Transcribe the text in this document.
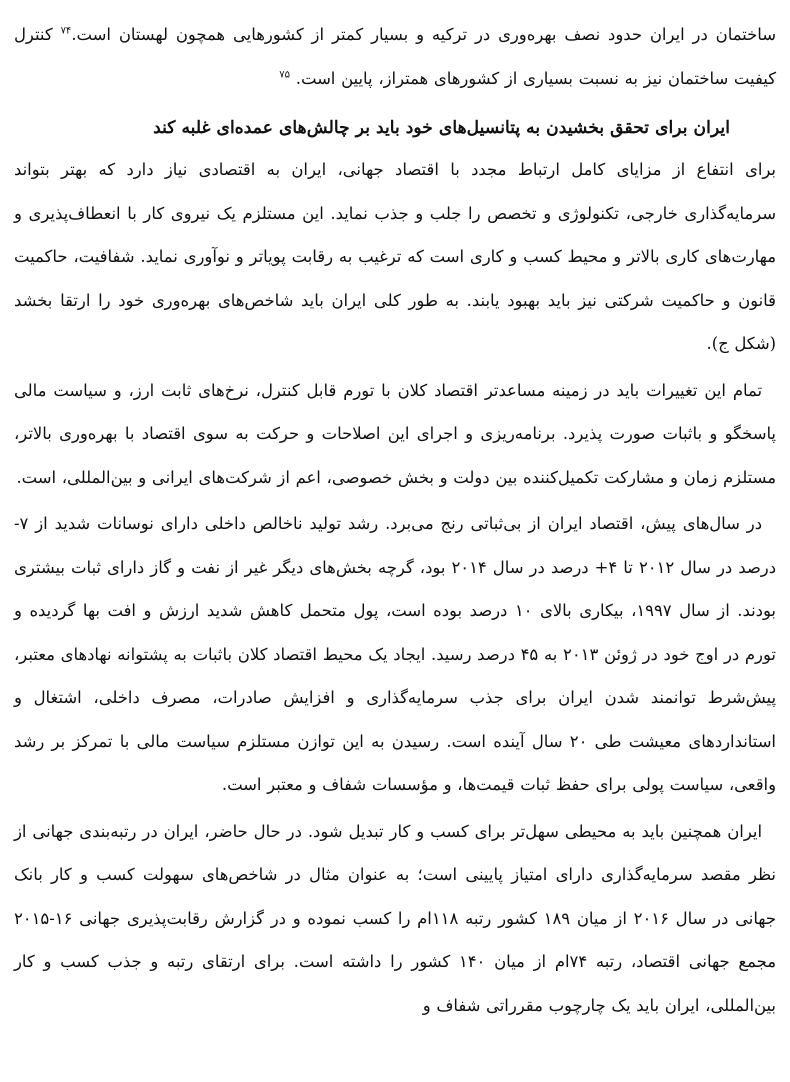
ساختمان در ایران حدود نصف بهره‌وری در ترکیه و بسیار کمتر از کشورهایی همچون لهستان است.$^{۷۴}$ کنترل کیفیت ساختمان نیز به نسبت بسیاری از کشورهای همتراز، پایین است. $^{۷۵}$

ایران برای تحقق بخشیدن به پتانسیل‌های خود باید بر چالش‌های عمده‌ای غلبه کند

برای انتفاع از مزایای کامل ارتباط مجدد با اقتصاد جهانی، ایران به اقتصادی نیاز دارد که بهتر بتواند سرمایه‌گذاری خارجی، تکنولوژی و تخصص را جلب و جذب نماید. این مستلزم یک نیروی کار با انعطاف‌پذیری و مهارت‌های کاری بالاتر و محیط کسب و کاری است که ترغیب به رقابت پویاتر و نوآوری نماید. شفافیت، حاکمیت قانون و حاکمیت شرکتی نیز باید بهبود یابند. به طور کلی ایران باید شاخص‌های بهره‌وری خود را ارتقا بخشد (شکل ج).

تمام این تغییرات باید در زمینه مساعدتر اقتصاد کلان با تورم قابل کنترل، نرخ‌های ثابت ارز، و سیاست مالی پاسخگو و باثبات صورت پذیرد. برنامه‌ریزی و اجرای این اصلاحات و حرکت به سوی اقتصاد با بهره‌وری بالاتر، مستلزم زمان و مشارکت تکمیل‌کننده بین دولت و بخش خصوصی، اعم از شرکت‌های ایرانی و بین‌المللی، است.

در سال‌های پیش، اقتصاد ایران از بی‌ثباتی رنج می‌برد. رشد تولید ناخالص داخلی دارای نوسانات شدید از ۷- درصد در سال ۲۰۱۲ تا ۴+ درصد در سال ۲۰۱۴ بود، گرچه بخش‌های دیگر غیر از نفت و گاز دارای ثبات بیشتری بودند. از سال ۱۹۹۷، بیکاری بالای ۱۰ درصد بوده است، پول متحمل کاهش شدید ارزش و افت بها گردیده و تورم در اوج خود در ژوئن ۲۰۱۳ به ۴۵ درصد رسید. ایجاد یک محیط اقتصاد کلان باثبات به پشتوانه نهادهای معتبر، پیش‌شرط توانمند شدن ایران برای جذب سرمایه‌گذاری و افزایش صادرات، مصرف داخلی، اشتغال و استانداردهای معیشت طی ۲۰ سال آینده است. رسیدن به این توازن مستلزم سیاست مالی با تمرکز بر رشد واقعی، سیاست پولی برای حفظ ثبات قیمت‌ها، و مؤسسات شفاف و معتبر است.

ایران همچنین باید به محیطی سهل‌تر برای کسب و کار تبدیل شود. در حال حاضر، ایران در رتبه‌بندی جهانی از نظر مقصد سرمایه‌گذاری دارای امتیاز پایینی است؛ به عنوان مثال در شاخص‌های سهولت کسب و کار بانک جهانی در سال ۲۰۱۶ از میان ۱۸۹ کشور رتبه ۱۱۸ام را کسب نموده و در گزارش رقابت‌پذیری جهانی ۱۶-۲۰۱۵ مجمع جهانی اقتصاد، رتبه ۷۴ام از میان ۱۴۰ کشور را داشته است. برای ارتقای رتبه و جذب کسب و کار بین‌المللی، ایران باید یک چارچوب مقرراتی شفاف و
